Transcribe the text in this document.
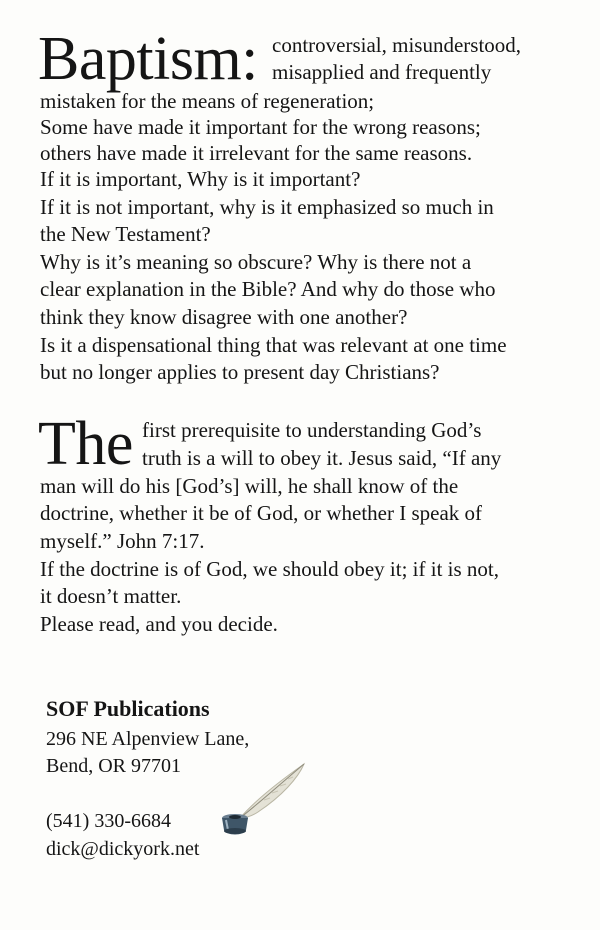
Baptism: controversial, misunderstood,
misapplied and frequently
mistaken for the means of regeneration;
Some have made it important for the wrong reasons;
others have made it irrelevant for the same reasons.
If it is important, Why is it important?
If it is not important, why is it emphasized so much in
the New Testament?
Why is it’s meaning so obscure? Why is there not a
clear explanation in the Bible? And why do those who
think they know disagree with one another?
Is it a dispensational thing that was relevant at one time
but no longer applies to present day Christians?
The first prerequisite to understanding God’s
truth is a will to obey it. Jesus said, “If any
man will do his [God’s] will, he shall know of the
doctrine, whether it be of God, or whether I speak of
myself.” John 7:17.
If the doctrine is of God, we should obey it; if it is not,
it doesn’t matter.
Please read, and you decide.
SOF Publications
296 NE Alpenview Lane,
Bend, OR 97701
(541) 330-6684
dick@dickyork.net
